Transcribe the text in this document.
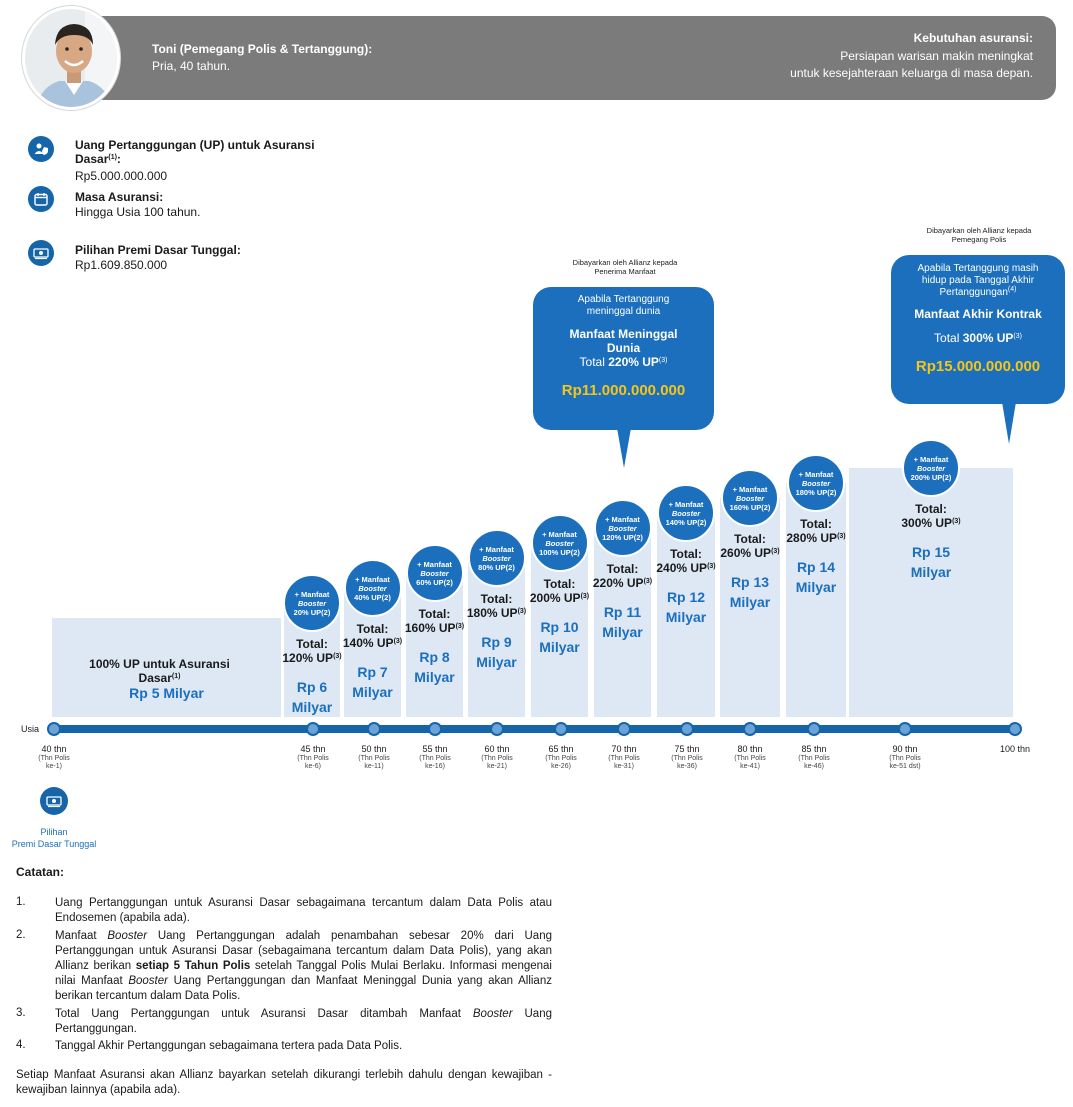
Toni (Pemegang Polis & Tertanggung):
Pria, 40 tahun.
Kebutuhan asuransi:
Persiapan warisan makin meningkat
untuk kesejahteraan keluarga di masa depan.
Uang Pertanggungan (UP) untuk Asuransi
Dasar$^{(1)}$:
Rp5.000.000.000
Masa Asuransi:
Hingga Usia 100 tahun.
Pilihan Premi Dasar Tunggal:
Rp1.609.850.000	Dibayarkan oleh Allianz kepada
Penerima Manfaat
Apabila Tertanggung
meninggal dunia
Manfaat Meninggal
Dunia
Total 220% UP$^{(3)}$
Rp11.000.000.000
Dibayarkan oleh Allianz kepada
Pemegang Polis
Apabila Tertanggung masih
hidup pada Tanggal Akhir
Pertanggungan$^{(4)}$
Manfaat Akhir Kontrak
Total 300% UP$^{(3)}$
Rp15.000.000.000
100% UP untuk Asuransi
Dasar$^{(1)}$
Rp 5 Milyar
+ Manfaat
Booster
20% UP(2)
Total:
120% UP$^{(3)}$
Rp 6
Milyar
+ Manfaat
Booster
40% UP(2)
Total:
140% UP$^{(3)}$
Rp 7
Milyar
+ Manfaat
Booster
60% UP(2)
Total:
160% UP$^{(3)}$
Rp 8
Milyar
+ Manfaat
Booster
80% UP(2)
Total:
180% UP$^{(3)}$
Rp 9
Milyar
+ Manfaat
Booster
100% UP(2)
Total:
200% UP$^{(3)}$
Rp 10
Milyar
+ Manfaat
Booster
120% UP(2)
Total:
220% UP$^{(3)}$
Rp 11
Milyar
+ Manfaat
Booster
140% UP(2)
Total:
240% UP$^{(3)}$
Rp 12
Milyar
+ Manfaat
Booster
160% UP(2)
Total:
260% UP$^{(3)}$
Rp 13
Milyar
+ Manfaat
Booster
180% UP(2)
Total:
280% UP$^{(3)}$
Rp 14
Milyar
+ Manfaat
Booster
200% UP(2)
Total:
300% UP$^{(3)}$
Rp 15
Milyar
Usia
40 thn
(Thn Polis
ke-1)
45 thn
(Thn Polis
ke-6)
50 thn
(Thn Polis
ke-11)
55 thn
(Thn Polis
ke-16)
60 thn
(Thn Polis
ke-21)
65 thn
(Thn Polis
ke-26)
70 thn
(Thn Polis
ke-31)
75 thn
(Thn Polis
ke-36)
80 thn
(Thn Polis
ke-41)
85 thn
(Thn Polis
ke-46)
90 thn
(Thn Polis
ke-51 dst)
100 thn
Pilihan
Premi Dasar Tunggal
Catatan:
1.	Uang Pertanggungan untuk Asuransi Dasar sebagaimana tercantum dalam Data Polis atau Endosemen (apabila ada).
2.	Manfaat Booster Uang Pertanggungan adalah penambahan sebesar 20% dari Uang Pertanggungan untuk Asuransi Dasar (sebagaimana tercantum dalam Data Polis), yang akan Allianz berikan setiap 5 Tahun Polis setelah Tanggal Polis Mulai Berlaku. Informasi mengenai nilai Manfaat Booster Uang Pertanggungan dan Manfaat Meninggal Dunia yang akan Allianz berikan tercantum dalam Data Polis.
3.	Total Uang Pertanggungan untuk Asuransi Dasar ditambah Manfaat Booster Uang Pertanggungan.
4.	Tanggal Akhir Pertanggungan sebagaimana tertera pada Data Polis.
Setiap Manfaat Asuransi akan Allianz bayarkan setelah dikurangi terlebih dahulu dengan kewajiban - kewajiban lainnya (apabila ada).
